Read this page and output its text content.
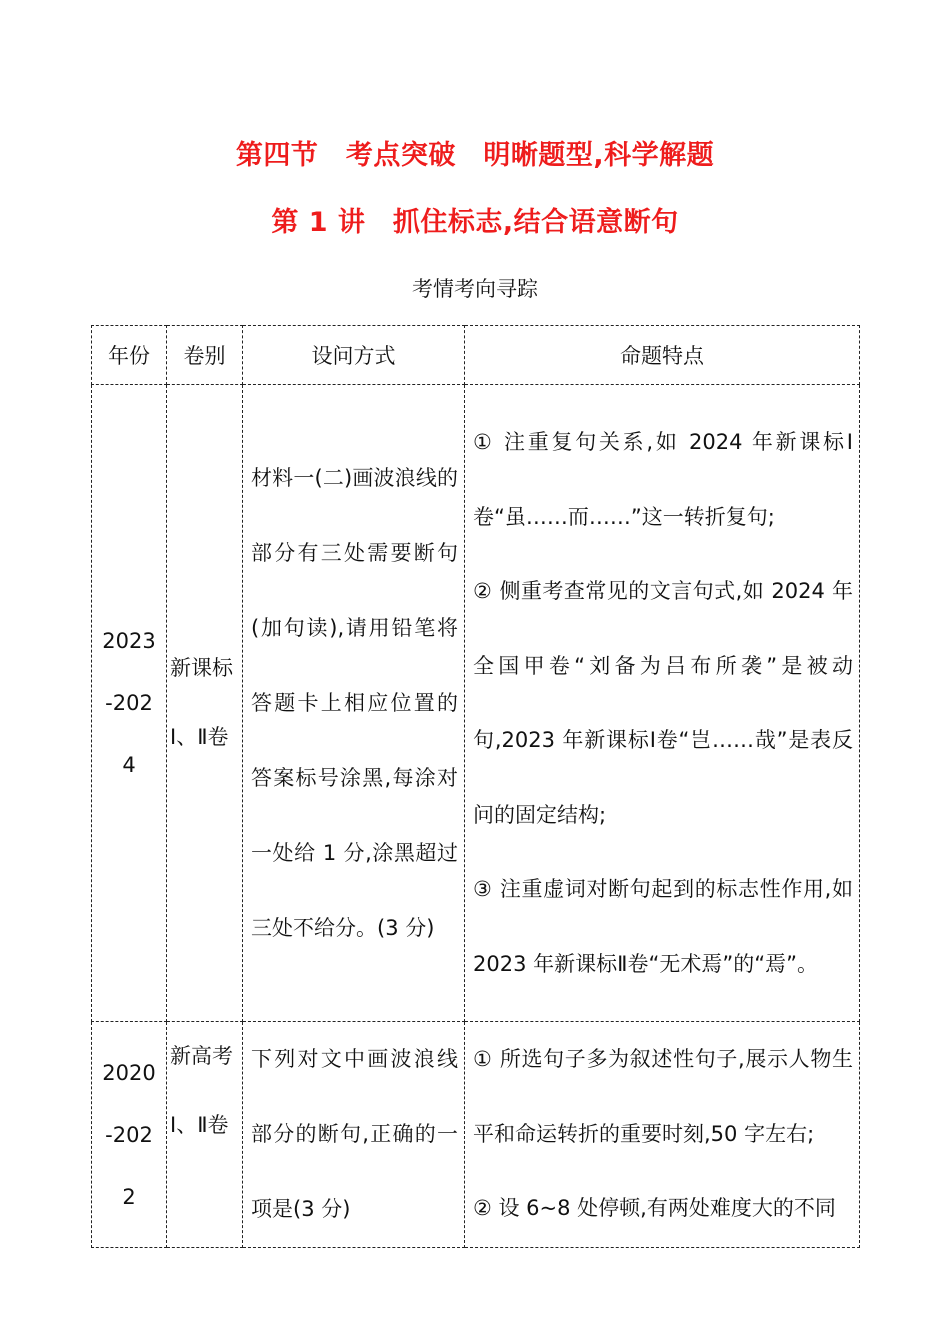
第四节　考点突破　明晰题型,科学解题
第 1 讲　抓住标志,结合语意断句
考情考向寻踪
年份	卷别	设问方式	命题特点
2023-2024	新课标Ⅰ、Ⅱ卷	材料一(二)画波浪线的部分有三处需要断句(加句读),请用铅笔将答题卡上相应位置的答案标号涂黑,每涂对一处给 1 分,涂黑超过三处不给分。(3 分)	① 注重复句关系,如 2024 年新课标Ⅰ卷“虽……而……”这一转折复句;
② 侧重考查常见的文言句式,如 2024 年全国甲卷“刘备为吕布所袭”是被动句,2023 年新课标Ⅰ卷“岂……哉”是表反问的固定结构;
③ 注重虚词对断句起到的标志性作用,如 2023 年新课标Ⅱ卷“无术焉”的“焉”。

2020-2022	新高考Ⅰ、Ⅱ卷	下列对文中画波浪线部分的断句,正确的一项是(3 分)	① 所选句子多为叙述性句子,展示人物生平和命运转折的重要时刻,50 字左右;
② 设 6~8 处停顿,有两处难度大的不同
